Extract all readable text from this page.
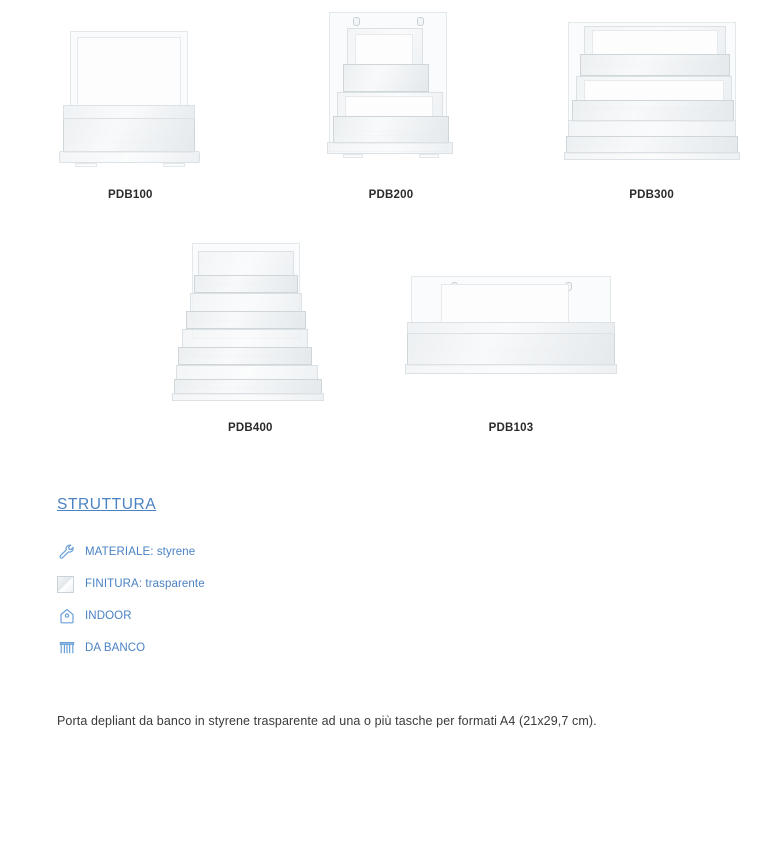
PDB100	PDB200	PDB300
PDB400	PDB103
STRUTTURA
MATERIALE: styrene
FINITURA: trasparente
INDOOR
DA BANCO
Porta depliant da banco in styrene trasparente ad una o più tasche per formati A4 (21x29,7 cm).
